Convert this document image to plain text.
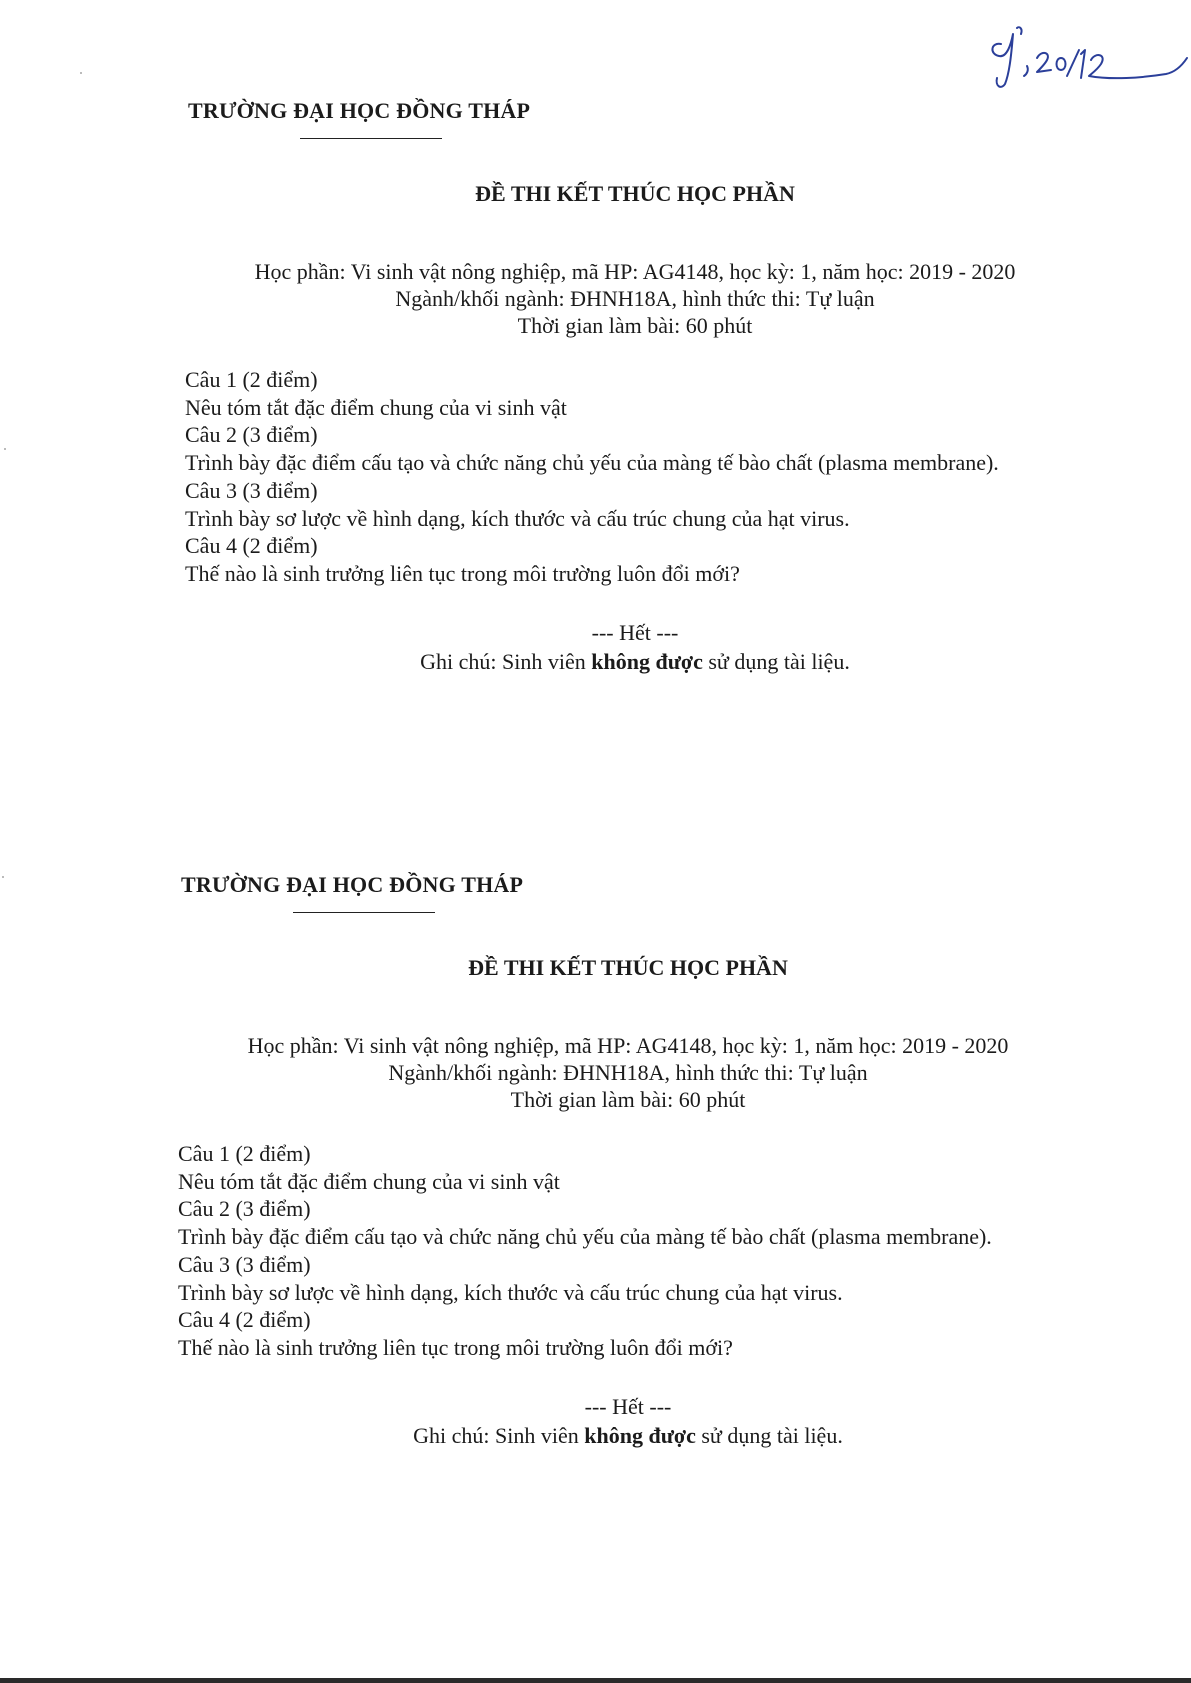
TRƯỜNG ĐẠI HỌC ĐỒNG THÁP
ĐỀ THI KẾT THÚC HỌC PHẦN
Học phần: Vi sinh vật nông nghiệp, mã HP: AG4148, học kỳ: 1, năm học: 2019 - 2020
Ngành/khối ngành: ĐHNH18A, hình thức thi: Tự luận
Thời gian làm bài: 60 phút
Câu 1 (2 điểm)
Nêu tóm tắt đặc điểm chung của vi sinh vật
Câu 2 (3 điểm)
Trình bày đặc điểm cấu tạo và chức năng chủ yếu của màng tế bào chất (plasma membrane).
Câu 3 (3 điểm)
Trình bày sơ lược về hình dạng, kích thước và cấu trúc chung của hạt virus.
Câu 4 (2 điểm)
Thế nào là sinh trưởng liên tục trong môi trường luôn đổi mới?
--- Hết ---
Ghi chú: Sinh viên không được sử dụng tài liệu.
TRƯỜNG ĐẠI HỌC ĐỒNG THÁP
ĐỀ THI KẾT THÚC HỌC PHẦN
Học phần: Vi sinh vật nông nghiệp, mã HP: AG4148, học kỳ: 1, năm học: 2019 - 2020
Ngành/khối ngành: ĐHNH18A, hình thức thi: Tự luận
Thời gian làm bài: 60 phút
Câu 1 (2 điểm)
Nêu tóm tắt đặc điểm chung của vi sinh vật
Câu 2 (3 điểm)
Trình bày đặc điểm cấu tạo và chức năng chủ yếu của màng tế bào chất (plasma membrane).
Câu 3 (3 điểm)
Trình bày sơ lược về hình dạng, kích thước và cấu trúc chung của hạt virus.
Câu 4 (2 điểm)
Thế nào là sinh trưởng liên tục trong môi trường luôn đổi mới?
--- Hết ---
Ghi chú: Sinh viên không được sử dụng tài liệu.
